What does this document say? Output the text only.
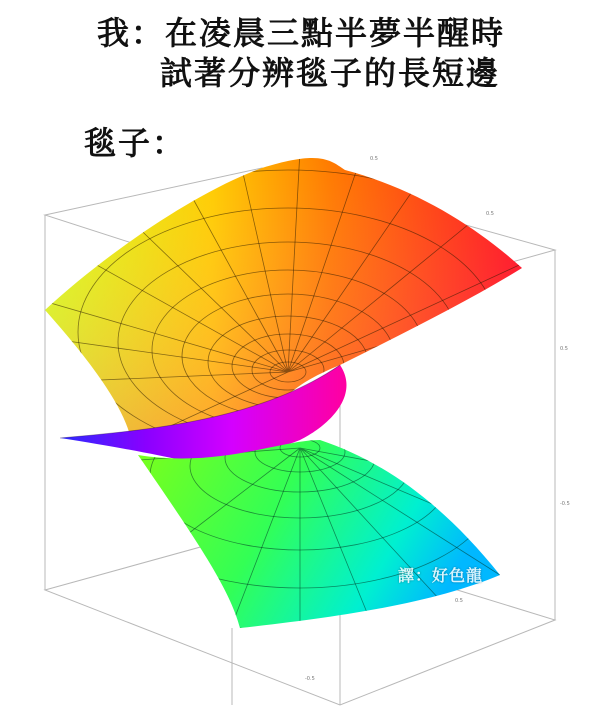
我：在凌晨三點半夢半醒時
試著分辨毯子的長短邊
毯子：	0.5
0.5
0.5
-0.5
0.5
-0.5
譯：好色龍
